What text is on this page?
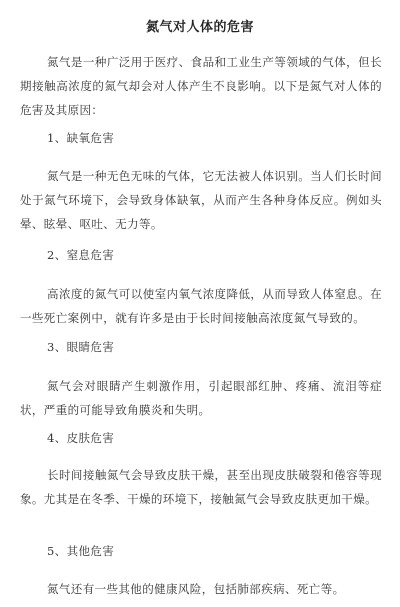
氮气对人体的危害

氮气是一种广泛用于医疗、食品和工业生产等领域的气体，但长期接触高浓度的氮气却会对人体产生不良影响。以下是氮气对人体的危害及其原因：

1、缺氧危害

氮气是一种无色无味的气体，它无法被人体识别。当人们长时间处于氮气环境下，会导致身体缺氧，从而产生各种身体反应。例如头晕、眩晕、呕吐、无力等。

2、窒息危害

高浓度的氮气可以使室内氧气浓度降低，从而导致人体窒息。在一些死亡案例中，就有许多是由于长时间接触高浓度氮气导致的。

3、眼睛危害

氮气会对眼睛产生刺激作用，引起眼部红肿、疼痛、流泪等症状，严重的可能导致角膜炎和失明。

4、皮肤危害

长时间接触氮气会导致皮肤干燥，甚至出现皮肤破裂和倦容等现象。尤其是在冬季、干燥的环境下，接触氮气会导致皮肤更加干燥。

5、其他危害

氮气还有一些其他的健康风险，包括肺部疾病、死亡等。
